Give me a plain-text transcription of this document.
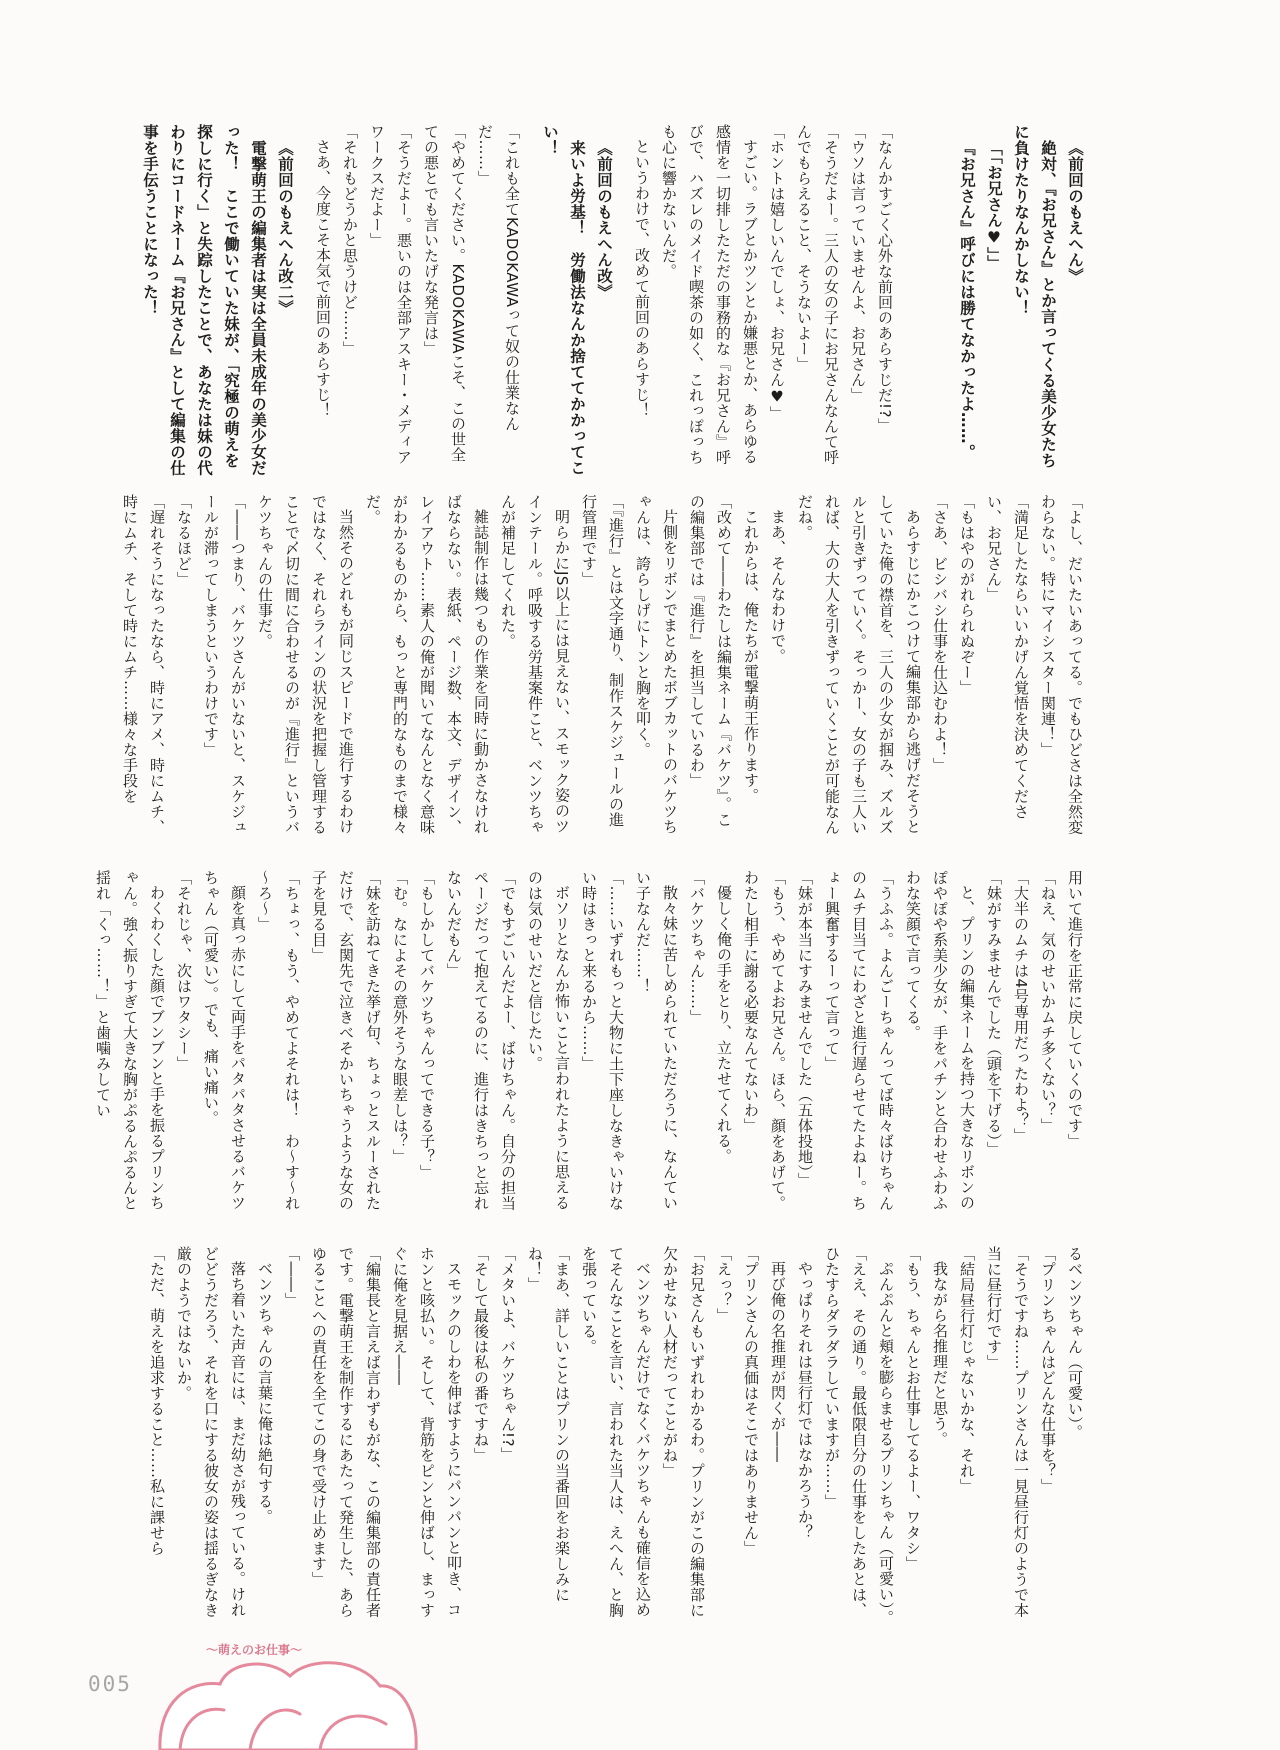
《前回のもえへん》

絶対、『お兄さん』とか言ってくる美少女たちに負けたりなんかしない！

「「お兄さん♥」」

『お兄さん』呼びには勝てなかったよ……。

「なんかすごく心外な前回のあらすじだ!?」

「ウソは言っていませんよ、お兄さん」

「そうだよー。三人の女の子にお兄さんなんて呼んでもらえること、そうないよー」

「ホントは嬉しいんでしょ、お兄さん♥」

すごい。ラブとかツンとか嫌悪とか、あらゆる感情を一切排したただの事務的な『お兄さん』呼びで、ハズレのメイド喫茶の如く、これっぽっちも心に響かないんだ。

というわけで、改めて前回のあらすじ！

《前回のもえへん改》

来いよ労基！　労働法なんか捨ててかかってこい！

「これも全てKADOKAWAって奴の仕業なんだ……」

「やめてください。KADOKAWAこそ、この世全ての悪とでも言いたげな発言は」

「そうだよー。悪いのは全部アスキー・メディアワークスだよー」

「それもどうかと思うけど……」

さあ、今度こそ本気で前回のあらすじ！

《前回のもえへん改二》

電撃萌王の編集者は実は全員未成年の美少女だった！　ここで働いていた妹が、「究極の萌えを探しに行く」と失踪したことで、あなたは妹の代わりにコードネーム『お兄さん』として編集の仕事を手伝うことになった！

「よし、だいたいあってる。でもひどさは全然変わらない。特にマイシスター関連！」

「満足したならいいかげん覚悟を決めてください、お兄さん」

「もはやのがれられぬぞー」

「さあ、ビシバシ仕事を仕込むわよ！」

あらすじにかこつけて編集部から逃げだそうとしていた俺の襟首を、三人の少女が掴み、ズルズルと引きずっていく。そっかー、女の子も三人いれば、大の大人を引きずっていくことが可能なんだね。

まあ、そんなわけで。

これからは、俺たちが電撃萌王作ります。

「改めて――わたしは編集ネーム『バケツ』。この編集部では『進行』を担当しているわ」

片側をリボンでまとめたボブカットのバケツちゃんは、誇らしげにトンと胸を叩く。

「『進行』とは文字通り、制作スケジュールの進行管理です」

明らかにJS以上には見えない、スモック姿のツインテール。呼吸する労基案件こと、ベンツちゃんが補足してくれた。

雑誌制作は幾つもの作業を同時に動かさなければならない。表紙、ページ数、本文、デザイン、レイアウト……素人の俺が聞いてなんとなく意味がわかるものから、もっと専門的なものまで様々だ。

当然そのどれもが同じスピードで進行するわけではなく、それらラインの状況を把握し管理することで〆切に間に合わせるのが『進行』というバケツちゃんの仕事だ。

「――つまり、バケツさんがいないと、スケジュールが滞ってしまうというわけです」

「なるほど」

「遅れそうになったなら、時にアメ、時にムチ、時にムチ、そして時にムチ……様々な手段を

用いて進行を正常に戻していくのです」

「ねえ、気のせいかムチ多くない？」

「大半のムチは4号専用だったわよ？」

「妹がすみませんでした（頭を下げる）」

と、プリンの編集ネームを持つ大きなリボンのぽやぽや系美少女が、手をパチンと合わせふわふわな笑顔で言ってくる。

「うふふ。よんごーちゃんってば時々ばけちゃんのムチ目当てにわざと進行遅らせてたよねー。ちょー興奮するーって言って」

「妹が本当にすみませんでした（五体投地）」

「もう、やめてよお兄さん。ほら、顔をあげて。わたし相手に謝る必要なんてないわ」

優しく俺の手をとり、立たせてくれる。

「バケツちゃん……」

散々妹に苦しめられていただろうに、なんていい子なんだ……！

「……いずれもっと大物に土下座しなきゃいけない時はきっと来るから……」

ボソリとなんか怖いこと言われたように思えるのは気のせいだと信じたい。

「でもすごいんだよー、ばけちゃん。自分の担当ページだって抱えてるのに、進行はきちっと忘れないんだもん」

「もしかしてバケツちゃんってできる子？」

「む。なによその意外そうな眼差しは？」

「妹を訪ねてきた挙げ句、ちょっとスルーされただけで、玄関先で泣きべそかいちゃうような女の子を見る目」

「ちょっ、もう、やめてよそれは！　わ～す～れ～ろ～」

顔を真っ赤にして両手をパタパタさせるバケツちゃん（可愛い）。でも、痛い痛い。

「それじゃ、次はワタシー」

わくわくした顔でブンブンと手を振るプリンちゃん。強く振りすぎて大きな胸がぷるんぷるんと揺れ「くっ……！」と歯噛みしてい

るベンツちゃん（可愛い）。

「プリンちゃんはどんな仕事を？」

「そうですね……プリンさんは一見昼行灯のようで本当に昼行灯です」

「結局昼行灯じゃないかな、それ」

我ながら名推理だと思う。

「もう、ちゃんとお仕事してるよー、ワタシ」

ぷんぷんと頬を膨らませるプリンちゃん（可愛い）。

「ええ、その通り。最低限自分の仕事をしたあとは、ひたすらダラダラしていますが……」

やっぱりそれは昼行灯ではなかろうか？

再び俺の名推理が閃くが――

「プリンさんの真価はそこではありません」

「えっ？」

「お兄さんもいずれわかるわ。プリンがこの編集部に欠かせない人材だってことがね」

ベンツちゃんだけでなくバケツちゃんも確信を込めてそんなことを言い、言われた当人は、えへん、と胸を張っている。

「まあ、詳しいことはプリンの当番回をお楽しみにね！」

「メタいよ、バケツちゃん!?」

「そして最後は私の番ですね」

スモックのしわを伸ばすようにパンパンと叩き、コホンと咳払い。そして、背筋をピンと伸ばし、まっすぐに俺を見据え――

「編集長と言えば言わずもがな、この編集部の責任者です。電撃萌王を制作するにあたって発生した、あらゆることへの責任を全てこの身で受け止めます」

「――」

ベンツちゃんの言葉に俺は絶句する。

落ち着いた声音には、まだ幼さが残っている。けれどどうだろう、それを口にする彼女の姿は揺るぎなき厳のようではないか。

「ただ、萌えを追求すること……私に課せら

005
～萌えのお仕事～
